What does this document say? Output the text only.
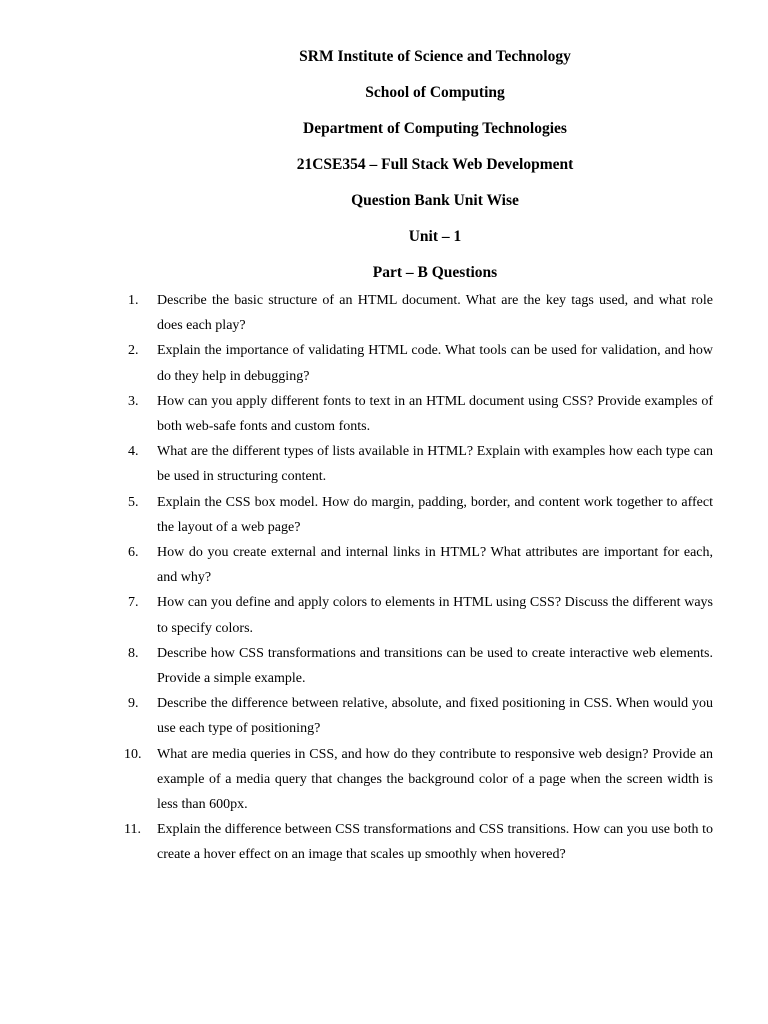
SRM Institute of Science and Technology
School of Computing
Department of Computing Technologies
21CSE354 – Full Stack Web Development
Question Bank Unit Wise
Unit – 1
Part – B Questions
1.	Describe the basic structure of an HTML document. What are the key tags used, and what role does each play?
2.	Explain the importance of validating HTML code. What tools can be used for validation, and how do they help in debugging?
3.	How can you apply different fonts to text in an HTML document using CSS? Provide examples of both web-safe fonts and custom fonts.
4.	What are the different types of lists available in HTML? Explain with examples how each type can be used in structuring content.
5.	Explain the CSS box model. How do margin, padding, border, and content work together to affect the layout of a web page?
6.	How do you create external and internal links in HTML? What attributes are important for each, and why?
7.	How can you define and apply colors to elements in HTML using CSS? Discuss the different ways to specify colors.
8.	Describe how CSS transformations and transitions can be used to create interactive web elements. Provide a simple example.
9.	Describe the difference between relative, absolute, and fixed positioning in CSS. When would you use each type of positioning?
10.	What are media queries in CSS, and how do they contribute to responsive web design? Provide an example of a media query that changes the background color of a page when the screen width is less than 600px.
11.	Explain the difference between CSS transformations and CSS transitions. How can you use both to create a hover effect on an image that scales up smoothly when hovered?
